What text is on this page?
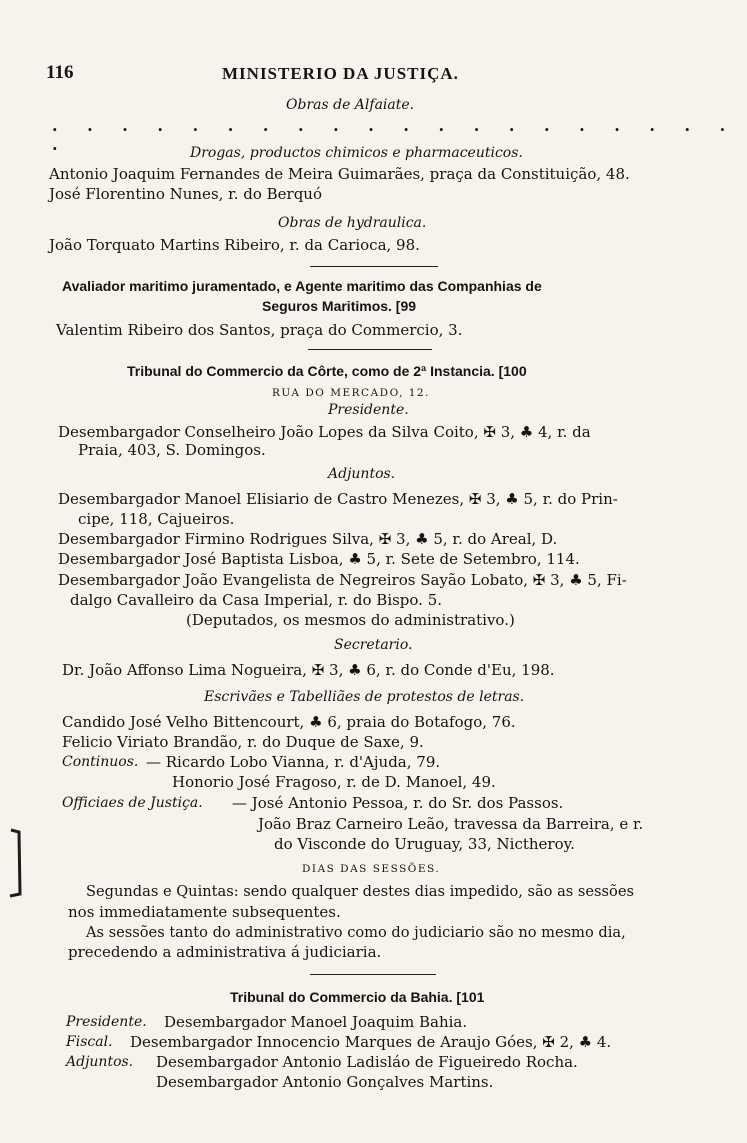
116	MINISTERIO DA JUSTIÇA.
Obras de Alfaiate.
. . . . . . . . . . . . . . . . . . . . .	Drogas, productos chimicos e pharmaceuticos.
Antonio Joaquim Fernandes de Meira Guimarães, praça da Constituição, 48.
José Florentino Nunes, r. do Berquó
Obras de hydraulica.
João Torquato Martins Ribeiro, r. da Carioca, 98.
Avaliador maritimo juramentado, e Agente maritimo das Companhias de
Seguros Maritimos. [99
Valentim Ribeiro dos Santos, praça do Commercio, 3.
Tribunal do Commercio da Côrte, como de 2ª Instancia. [100
RUA DO MERCADO, 12.
Presidente.
Desembargador Conselheiro João Lopes da Silva Coito, ✠ 3, ♣ 4, r. da
Praia, 403, S. Domingos.
Adjuntos.
Desembargador Manoel Elisiario de Castro Menezes, ✠ 3, ♣ 5, r. do Prin-
cipe, 118, Cajueiros.
Desembargador Firmino Rodrigues Silva, ✠ 3, ♣ 5, r. do Areal, D.
Desembargador José Baptista Lisboa, ♣ 5, r. Sete de Setembro, 114.
Desembargador João Evangelista de Negreiros Sayão Lobato, ✠ 3, ♣ 5, Fi-
dalgo Cavalleiro da Casa Imperial, r. do Bispo. 5.
(Deputados, os mesmos do administrativo.)
Secretario.
Dr. João Affonso Lima Nogueira, ✠ 3, ♣ 6, r. do Conde d'Eu, 198.
Escrivães e Tabelliães de protestos de letras.
Candido José Velho Bittencourt, ♣ 6, praia do Botafogo, 76.
Felicio Viriato Brandão, r. do Duque de Saxe, 9.
Continuos. — Ricardo Lobo Vianna, r. d'Ajuda, 79.
Honorio José Fragoso, r. de D. Manoel, 49.
Officiaes de Justiça. — José Antonio Pessoa, r. do Sr. dos Passos.
João Braz Carneiro Leão, travessa da Barreira, e r.
do Visconde do Uruguay, 33, Nictheroy.
DIAS DAS SESSÕES.
Segundas e Quintas: sendo qualquer destes dias impedido, são as sessões
nos immediatamente subsequentes.
As sessões tanto do administrativo como do judiciario são no mesmo dia,
precedendo a administrativa á judiciaria.
Tribunal do Commercio da Bahia. [101
Presidente. Desembargador Manoel Joaquim Bahia.
Fiscal. Desembargador Innocencio Marques de Araujo Góes, ✠ 2, ♣ 4.
Adjuntos. Desembargador Antonio Ladisláo de Figueiredo Rocha.
Desembargador Antonio Gonçalves Martins.
